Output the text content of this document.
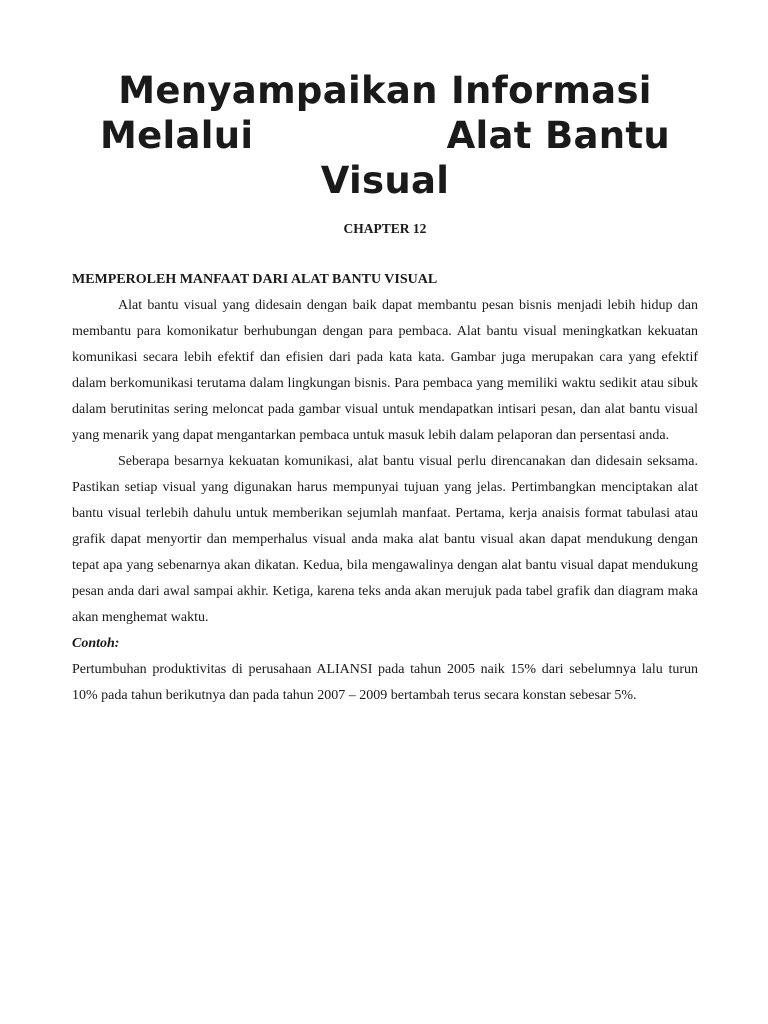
Menyampaikan Informasi
Melalui	Alat Bantu
Visual

CHAPTER 12

MEMPEROLEH MANFAAT DARI ALAT BANTU VISUAL

Alat bantu visual yang didesain dengan baik dapat membantu pesan bisnis menjadi lebih hidup dan membantu para komonikatur berhubungan dengan para pembaca. Alat bantu visual meningkatkan kekuatan komunikasi secara lebih efektif dan efisien dari pada kata kata. Gambar juga merupakan cara yang efektif dalam berkomunikasi terutama dalam lingkungan bisnis. Para pembaca yang memiliki waktu sedikit atau sibuk dalam berutinitas sering meloncat pada gambar visual untuk mendapatkan intisari pesan, dan alat bantu visual yang menarik yang dapat mengantarkan pembaca untuk masuk lebih dalam pelaporan dan persentasi anda.

Seberapa besarnya kekuatan komunikasi, alat bantu visual perlu direncanakan dan didesain seksama. Pastikan setiap visual yang digunakan harus mempunyai tujuan yang jelas. Pertimbangkan menciptakan alat bantu visual terlebih dahulu untuk memberikan sejumlah manfaat. Pertama, kerja anaisis format tabulasi atau grafik dapat menyortir dan memperhalus visual anda maka alat bantu visual akan dapat mendukung dengan tepat apa yang sebenarnya akan dikatan. Kedua, bila mengawalinya dengan alat bantu visual dapat mendukung pesan anda dari awal sampai akhir. Ketiga, karena teks anda akan merujuk pada tabel grafik dan diagram maka akan menghemat waktu.

Contoh:

Pertumbuhan produktivitas di perusahaan ALIANSI pada tahun 2005 naik 15% dari sebelumnya lalu turun 10% pada tahun berikutnya dan pada tahun 2007 – 2009 bertambah terus secara konstan sebesar 5%.
